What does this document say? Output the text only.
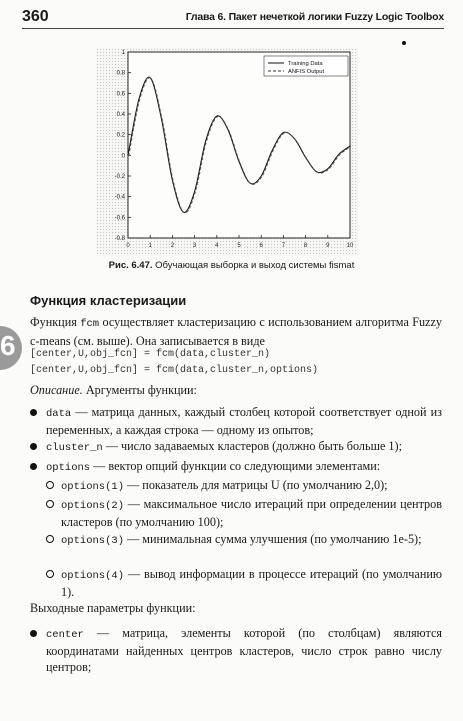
360	Глава 6. Пакет нечеткой логики Fuzzy Logic Toolbox
0	1	2	3	4	5	6	7	8	9	10
1
0.8
0.6
0.4
0.2
0
-0.2
-0.4
-0.6
-0.8
Training Data
ANFIS Output
Рис. 6.47. Обучающая выборка и выход системы fismat
Функция кластеризации
6
Функция fcm осуществляет кластеризацию с использованием алгоритма Fuzzy c-means (см. выше). Она записывается в виде
[center,U,obj_fcn] = fcm(data,cluster_n)
[center,U,obj_fcn] = fcm(data,cluster_n,options)
Описание. Аргументы функции:
data — матрица данных, каждый столбец которой соответствует одной из переменных, а каждая строка — одному из опытов;
cluster_n — число задаваемых кластеров (должно быть больше 1);
options — вектор опций функции со следующими элементами:
options(1) — показатель для матрицы U (по умолчанию 2,0);
options(2) — максимальное число итераций при определении центров кластеров (по умолчанию 100);
options(3) — минимальная сумма улучшения (по умолчанию 1e-5);
options(4) — вывод информации в процессе итераций (по умолчанию 1).
Выходные параметры функции:
center — матрица, элементы которой (по столбцам) являются координатами найденных центров кластеров, число строк равно числу центров;
